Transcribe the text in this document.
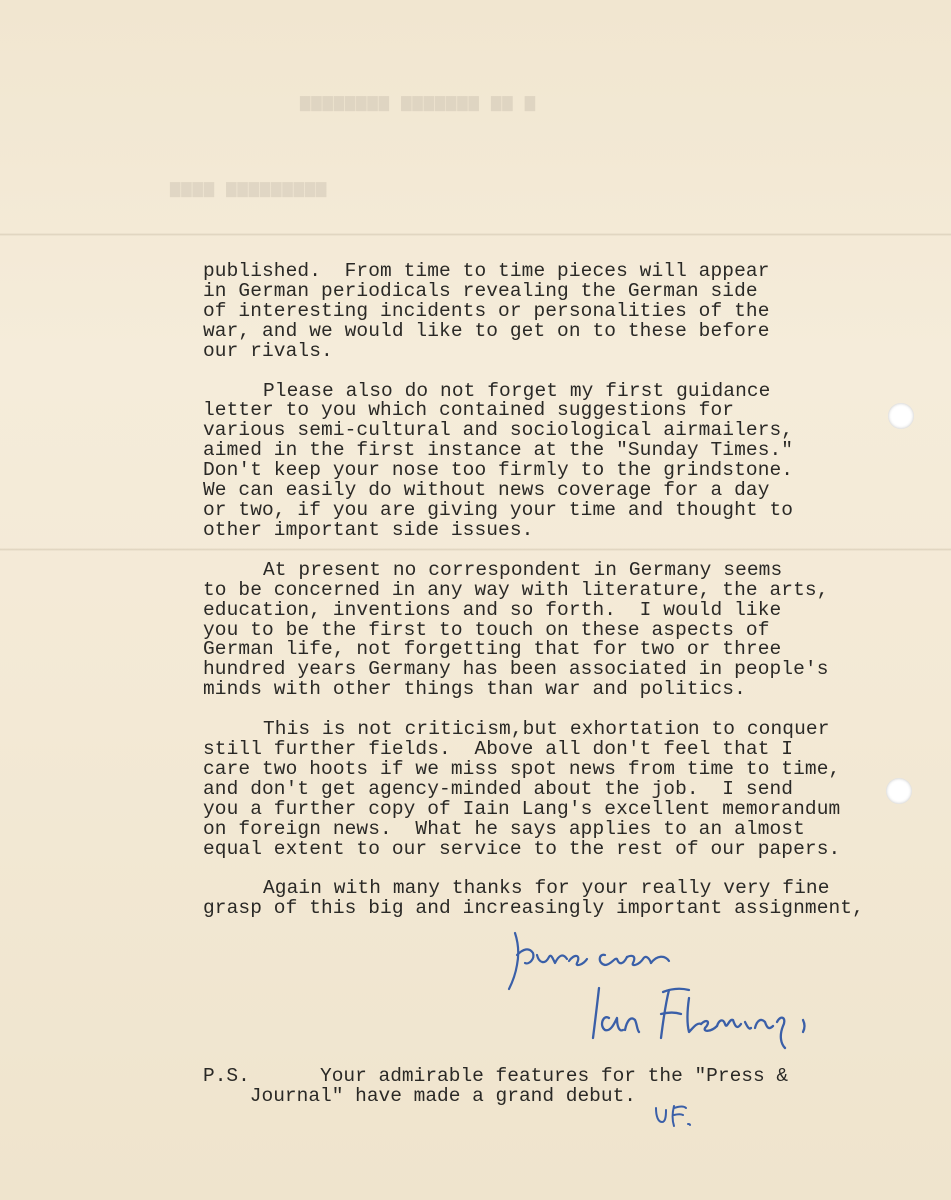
▆▆▆▆▆▆▆▆ ▆▆▆▆▆▆▆ ▆▆ ▆
▆▆▆▆ ▆▆▆▆▆▆▆▆▆
published.  From time to time pieces will appear
in German periodicals revealing the German side
of interesting incidents or personalities of the
war, and we would like to get on to these before
our rivals.
Please also do not forget my first guidance
letter to you which contained suggestions for
various semi-cultural and sociological airmailers,
aimed in the first instance at the "Sunday Times."
Don't keep your nose too firmly to the grindstone.
We can easily do without news coverage for a day
or two, if you are giving your time and thought to
other important side issues.
At present no correspondent in Germany seems
to be concerned in any way with literature, the arts,
education, inventions and so forth.  I would like
you to be the first to touch on these aspects of
German life, not forgetting that for two or three
hundred years Germany has been associated in people's
minds with other things than war and politics.
This is not criticism,but exhortation to conquer
still further fields.  Above all don't feel that I
care two hoots if we miss spot news from time to time,
and don't get agency-minded about the job.  I send
you a further copy of Iain Lang's excellent memorandum
on foreign news.  What he says applies to an almost
equal extent to our service to the rest of our papers.
Again with many thanks for your really very fine
grasp of this big and increasingly important assignment,
P.S.      Your admirable features for the "Press &
Journal" have made a grand debut.
